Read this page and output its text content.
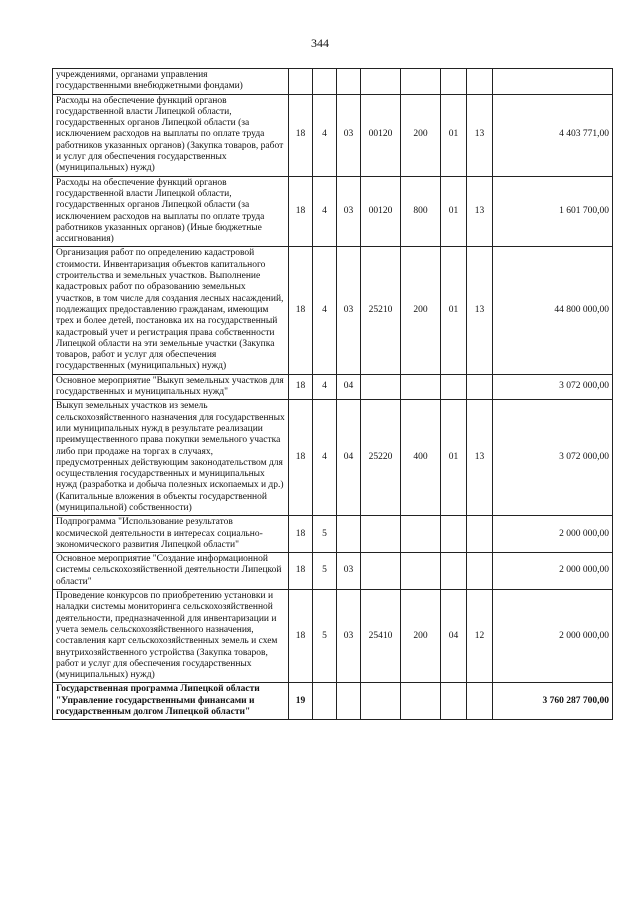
344
учреждениями, органами управления государственными внебюджетными фондами)								
Расходы на обеспечение функций органов государственной власти Липецкой области, государственных органов Липецкой области (за исключением расходов на выплаты по оплате труда работников указанных органов) (Закупка товаров, работ и услуг для обеспечения государственных (муниципальных) нужд)	18	4	03	00120	200	01	13	4 403 771,00
Расходы на обеспечение функций органов государственной власти Липецкой области, государственных органов Липецкой области (за исключением расходов на выплаты по оплате труда работников указанных органов) (Иные бюджетные ассигнования)	18	4	03	00120	800	01	13	1 601 700,00
Организация работ по определению кадастровой стоимости. Инвентаризация объектов капитального строительства и земельных участков. Выполнение кадастровых работ по образованию земельных участков, в том числе для создания лесных насаждений, подлежащих предоставлению гражданам, имеющим трех и более детей, постановка их на государственный кадастровый учет и регистрация права собственности Липецкой области на эти земельные участки (Закупка товаров, работ и услуг для обеспечения государственных (муниципальных) нужд)	18	4	03	25210	200	01	13	44 800 000,00
Основное мероприятие "Выкуп земельных участков для государственных и муниципальных нужд"	18	4	04					3 072 000,00
Выкуп земельных участков из земель сельскохозяйственного назначения для государственных или муниципальных нужд в результате реализации преимущественного права покупки земельного участка либо при продаже на торгах в случаях, предусмотренных действующим законодательством для осуществления государственных и муниципальных нужд (разработка и добыча полезных ископаемых и др.) (Капитальные вложения в объекты государственной (муниципальной) собственности)	18	4	04	25220	400	01	13	3 072 000,00
Подпрограмма "Использование результатов космической деятельности в интересах социально-экономического развития Липецкой области"	18	5						2 000 000,00
Основное мероприятие "Создание информационной системы сельскохозяйственной деятельности Липецкой области"	18	5	03					2 000 000,00
Проведение конкурсов по приобретению установки и наладки системы мониторинга сельскохозяйственной деятельности, предназначенной для инвентаризации и учета земель сельскохозяйственного назначения, составления карт сельскохозяйственных земель и схем внутрихозяйственного устройства (Закупка товаров, работ и услуг для обеспечения государственных (муниципальных) нужд)	18	5	03	25410	200	04	12	2 000 000,00
Государственная программа Липецкой области "Управление государственными финансами и государственным долгом Липецкой области"	19							3 760 287 700,00
